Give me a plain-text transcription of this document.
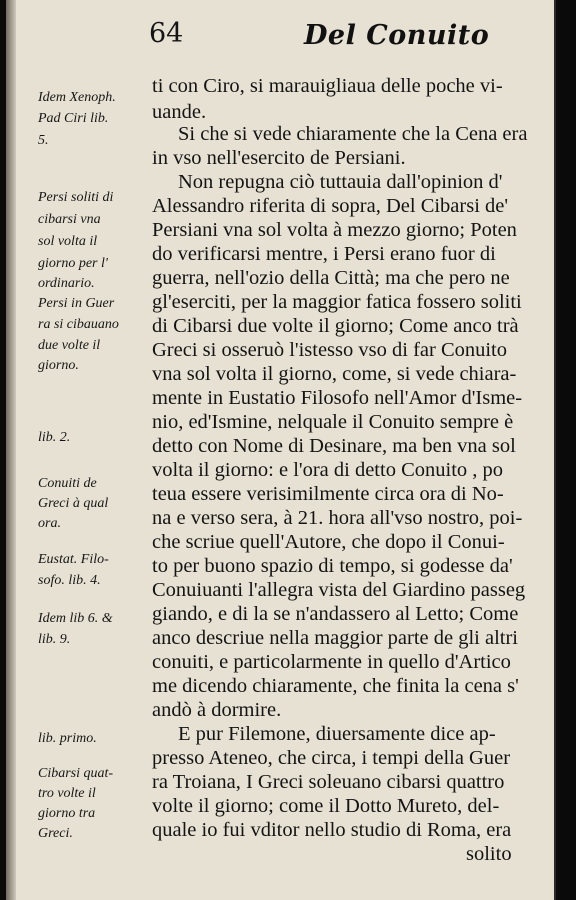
64	Del Conuito
Idem Xenoph.
Pad Ciri lib.
5.
Persi soliti di
cibarsi vna
sol volta il
giorno per l'
ordinario.
Persi in Guer
ra si cibauano
due volte il
giorno.
lib. 2.
Conuiti de
Greci à qual
ora.
Eustat. Filo-
sofo. lib. 4.
Idem lib 6. &
lib. 9.
lib. primo.
Cibarsi quat-
tro volte il
giorno tra
Greci.

ti con Ciro, si marauigliaua delle poche vi-

uande.

Si che si vede chiaramente che la Cena era

in vso nell'esercito de Persiani.

Non repugna ciò tuttauia dall'opinion d'

Alessandro riferita di sopra, Del Cibarsi de'

Persiani vna sol volta à mezzo giorno; Poten

do verificarsi mentre, i Persi erano fuor di

guerra, nell'ozio della Città; ma che pero ne

gl'eserciti, per la maggior fatica fossero soliti

di Cibarsi due volte il giorno; Come anco trà

Greci si osseruò l'istesso vso di far Conuito

vna sol volta il giorno, come, si vede chiara-

mente in Eustatio Filosofo nell'Amor d'Isme-

nio, ed'Ismine, nelquale il Conuito sempre è

detto con Nome di Desinare, ma ben vna sol

volta il giorno: e l'ora di detto Conuito , po

teua essere verisimilmente circa ora di No-

na e verso sera, à 21. hora all'vso nostro, poi-

che scriue quell'Autore, che dopo il Conui-

to per buono spazio di tempo, si godesse da'

Conuiuanti l'allegra vista del Giardino passeg

giando, e di la se n'andassero al Letto; Come

anco descriue nella maggior parte de gli altri

conuiti, e particolarmente in quello d'Artico

me dicendo chiaramente, che finita la cena s'

andò à dormire.

E pur Filemone, diuersamente dice ap-

presso Ateneo, che circa, i tempi della Guer

ra Troiana, I Greci soleuano cibarsi quattro

volte il giorno; come il Dotto Mureto, del-

quale io fui vditor nello studio di Roma, era

solito
